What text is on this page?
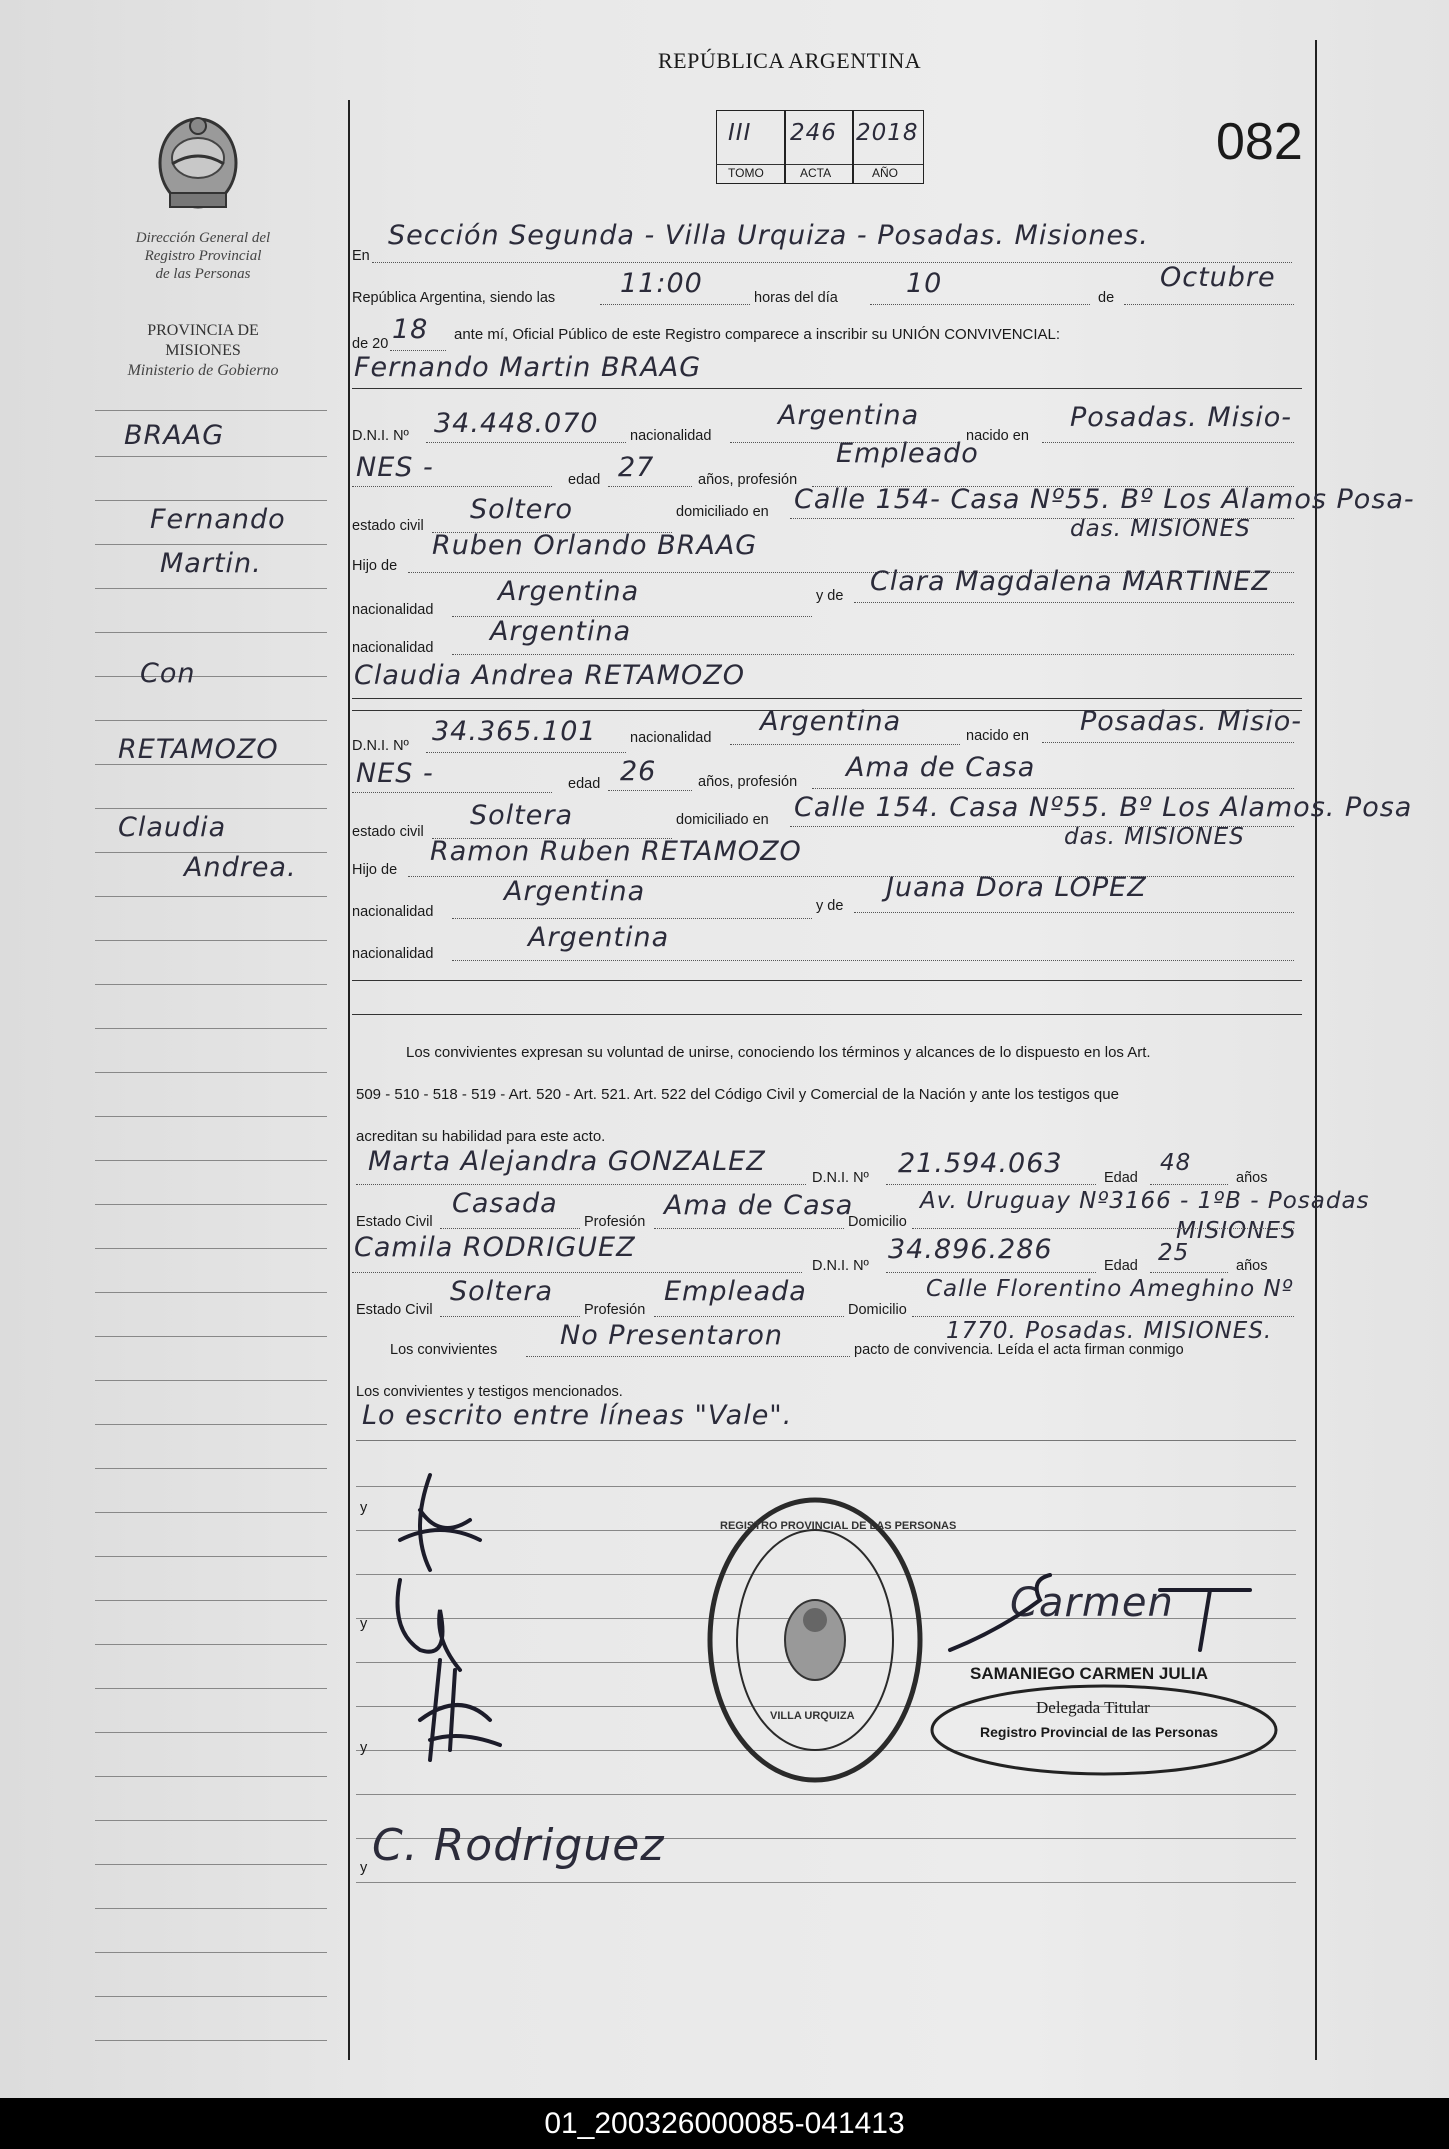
REPÚBLICA ARGENTINA
082
III 246 2018
TOMO	ACTA	AÑO
Dirección General del
Registro Provincial
de las Personas
PROVINCIA DE
MISIONES
Ministerio de Gobierno
BRAAG
Fernando
Martin.
Con
RETAMOZO
Claudia
Andrea.
En
Sección Segunda - Villa Urquiza - Posadas. Misiones.
República Argentina, siendo las 11:00	horas del día	10	de
Octubre
de 20 18 ante mí, Oficial Público de este Registro comparece a inscribir su UNIÓN CONVIVENCIAL:
Fernando Martin BRAAG
D.N.I. Nº 34.448.070 nacionalidad
Argentina
nacido en
Posadas. Misio-
NES -	edad 27	años, profesión
Empleado
estado civil
Soltero	domiciliado en Calle 154- Casa Nº55. Bº Los Alamos Posa-
das. MISIONES
Hijo de
Ruben Orlando BRAAG
nacionalidad
Argentina	y de Clara Magdalena MARTINEZ
nacionalidad
Argentina
Claudia Andrea RETAMOZO
D.N.I. Nº 34.365.101 nacionalidad
Argentina	nacido en Posadas. Misio-
NES -	edad 26	años, profesión Ama de Casa
estado civil
Soltera	domiciliado en Calle 154. Casa Nº55. Bº Los Alamos. Posa
das. MISIONES
Hijo de
Ramon Ruben RETAMOZO
nacionalidad
Argentina	y de
Juana Dora LOPEZ
nacionalidad
Argentina
Los convivientes expresan su voluntad de unirse, conociendo los términos y alcances de lo dispuesto en los Art.
509 - 510 - 518 - 519 - Art. 520 - Art. 521. Art. 522 del Código Civil y Comercial de la Nación y ante los testigos que
acreditan su habilidad para este acto.
Marta Alejandra GONZALEZ
D.N.I. Nº 21.594.063	Edad
48
años
Estado Civil
Casada
Profesión
Ama de Casa
Domicilio
Av. Uruguay Nº3166 - 1ºB - Posadas
MISIONES
Camila RODRIGUEZ
D.N.I. Nº
34.896.286
Edad 25	años
Estado Civil
Soltera
Profesión
Empleada
Domicilio
Calle Florentino Ameghino Nº
Los convivientes No Presentaron	1770. Posadas. MISIONES.
pacto de convivencia. Leída el acta firman conmigo
Los convivientes y testigos mencionados.
Lo escrito entre líneas "Vale".
y
y
y
y C. Rodriguez
REGISTRO PROVINCIAL DE LAS PERSONAS
VILLA URQUIZA
Carmen
SAMANIEGO CARMEN JULIA
Delegada Titular
Registro Provincial de las Personas
01_200326000085-041413
